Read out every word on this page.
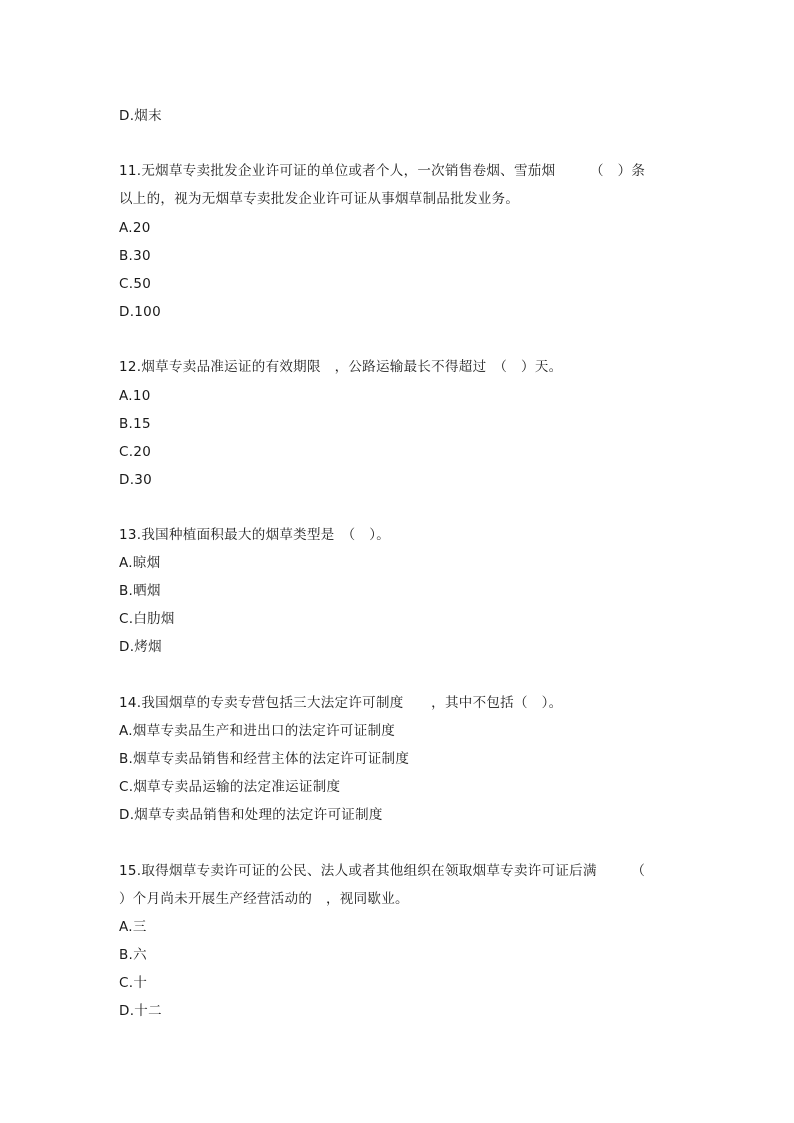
D.烟末
11.无烟草专卖批发企业许可证的单位或者个人，一次销售卷烟、雪茄烟　　　（　）条
以上的，视为无烟草专卖批发企业许可证从事烟草制品批发业务。
A.20
B.30
C.50
D.100
12.烟草专卖品准运证的有效期限　，公路运输最长不得超过　（　）天。
A.10
B.15
C.20
D.30
13.我国种植面积最大的烟草类型是　（　）。
A.晾烟
B.晒烟
C.白肋烟
D.烤烟
14.我国烟草的专卖专营包括三大法定许可制度　　，其中不包括（　）。
A.烟草专卖品生产和进出口的法定许可证制度
B.烟草专卖品销售和经营主体的法定许可证制度
C.烟草专卖品运输的法定准运证制度
D.烟草专卖品销售和处理的法定许可证制度
15.取得烟草专卖许可证的公民、法人或者其他组织在领取烟草专卖许可证后满　　　（
）个月尚未开展生产经营活动的　，视同歇业。
A.三
B.六
C.十
D.十二
